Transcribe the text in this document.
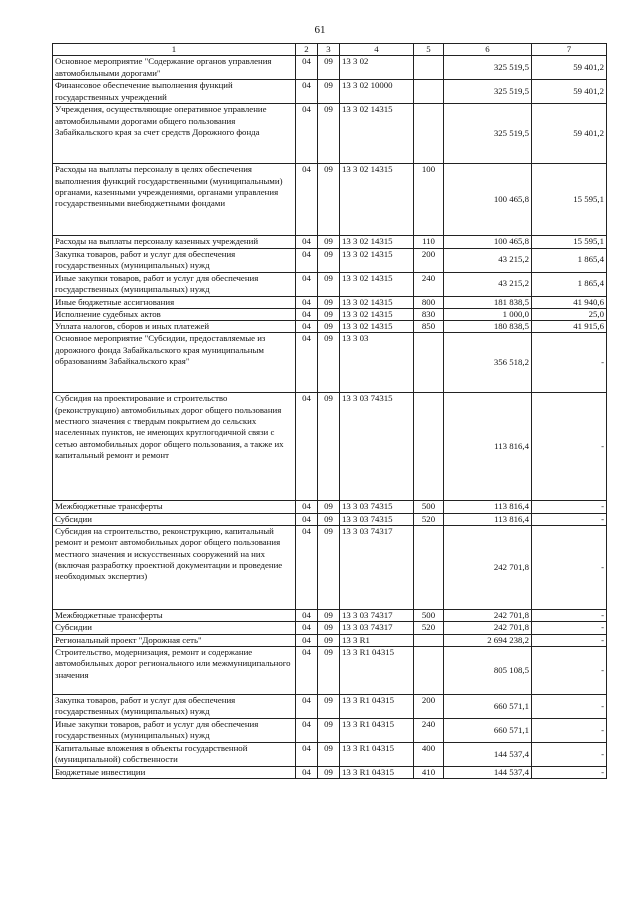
61
1	2	3	4	5	6	7
Основное мероприятие "Содержание органов управления автомобильными дорогами"	04	09	13 3 02		325 519,5	59 401,2
Финансовое обеспечение выполнения функций государственных учреждений	04	09	13 3 02 10000		325 519,5	59 401,2
Учреждения, осуществляющие оперативное управление автомобильными дорогами общего пользования Забайкальского края за счет средств Дорожного фонда	04	09	13 3 02 14315		325 519,5	59 401,2
Расходы на выплаты персоналу в целях обеспечения выполнения функций государственными (муниципальными) органами, казенными учреждениями, органами управления государственными внебюджетными фондами	04	09	13 3 02 14315	100	100 465,8	15 595,1
Расходы на выплаты персоналу казенных учреждений	04	09	13 3 02 14315	110	100 465,8	15 595,1
Закупка товаров, работ и услуг для обеспечения государственных (муниципальных) нужд	04	09	13 3 02 14315	200	43 215,2	1 865,4
Иные закупки товаров, работ и услуг для обеспечения государственных (муниципальных) нужд	04	09	13 3 02 14315	240	43 215,2	1 865,4
Иные бюджетные ассигнования	04	09	13 3 02 14315	800	181 838,5	41 940,6
Исполнение судебных актов	04	09	13 3 02 14315	830	1 000,0	25,0
Уплата налогов, сборов и иных платежей	04	09	13 3 02 14315	850	180 838,5	41 915,6
Основное мероприятие "Субсидии, предоставляемые из дорожного фонда Забайкальского края муниципальным образованиям Забайкальского края"	04	09	13 3 03		356 518,2	-
Субсидия на проектирование и строительство (реконструкцию) автомобильных дорог общего пользования местного значения с твердым покрытием до сельских населенных пунктов, не имеющих круглогодичной связи с сетью автомобильных дорог общего пользования, а также их капитальный ремонт и ремонт	04	09	13 3 03 74315		113 816,4	-
Межбюджетные трансферты	04	09	13 3 03 74315	500	113 816,4	-
Субсидии	04	09	13 3 03 74315	520	113 816,4	-
Субсидия на строительство, реконструкцию, капитальный ремонт и ремонт автомобильных дорог общего пользования местного значения и искусственных сооружений на них (включая разработку проектной документации и проведение необходимых экспертиз)	04	09	13 3 03 74317		242 701,8	-
Межбюджетные трансферты	04	09	13 3 03 74317	500	242 701,8	-
Субсидии	04	09	13 3 03 74317	520	242 701,8	-
Региональный проект "Дорожная сеть"	04	09	13 3 R1		2 694 238,2	-
Строительство, модернизация, ремонт и содержание автомобильных дорог регионального или межмуниципального значения	04	09	13 3 R1 04315		805 108,5	-
Закупка товаров, работ и услуг для обеспечения государственных (муниципальных) нужд	04	09	13 3 R1 04315	200	660 571,1	-
Иные закупки товаров, работ и услуг для обеспечения государственных (муниципальных) нужд	04	09	13 3 R1 04315	240	660 571,1	-
Капитальные вложения в объекты государственной (муниципальной) собственности	04	09	13 3 R1 04315	400	144 537,4	-
Бюджетные инвестиции	04	09	13 3 R1 04315	410	144 537,4	-
